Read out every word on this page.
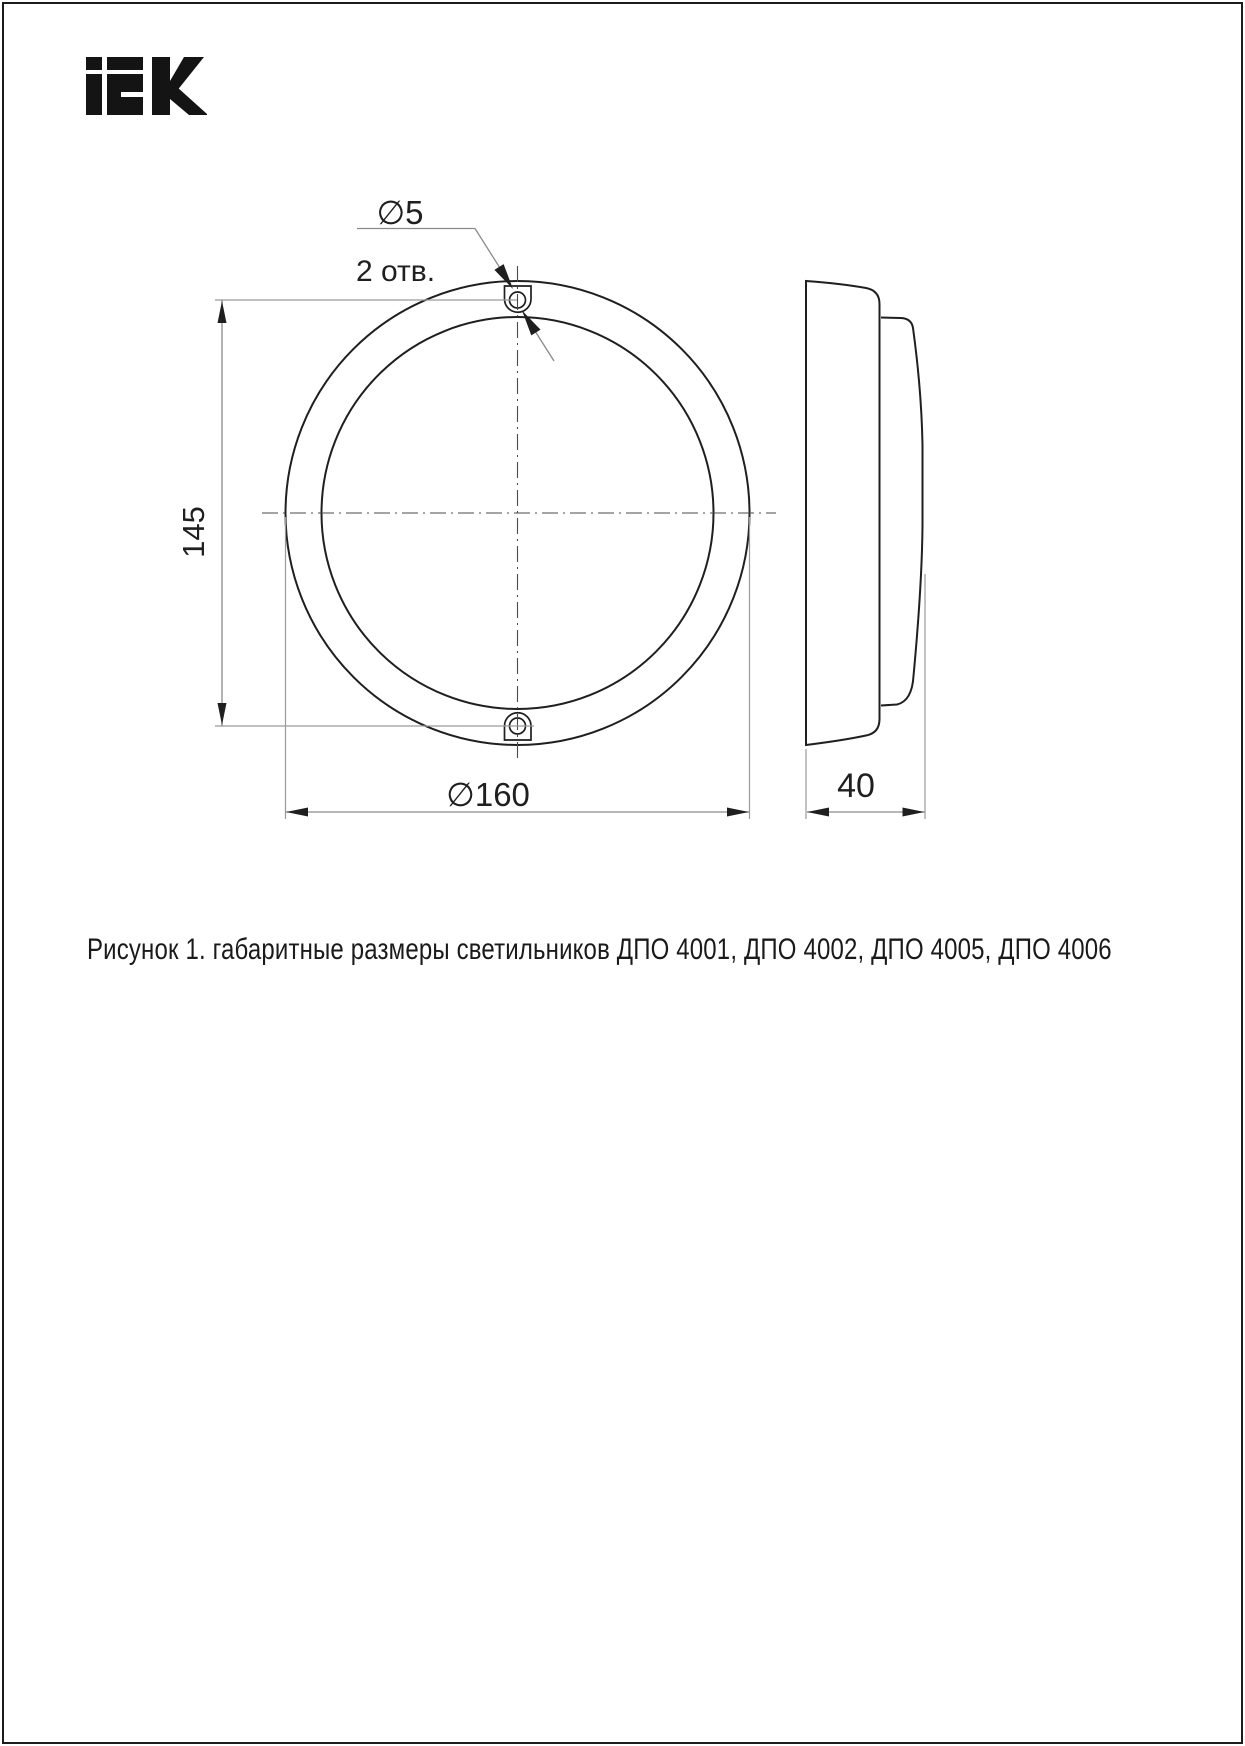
145
∅160
∅5
2 отв.
40
Рисунок 1. габаритные размеры светильников ДПО 4001, ДПО 4002, ДПО 4005, ДПО 4006
